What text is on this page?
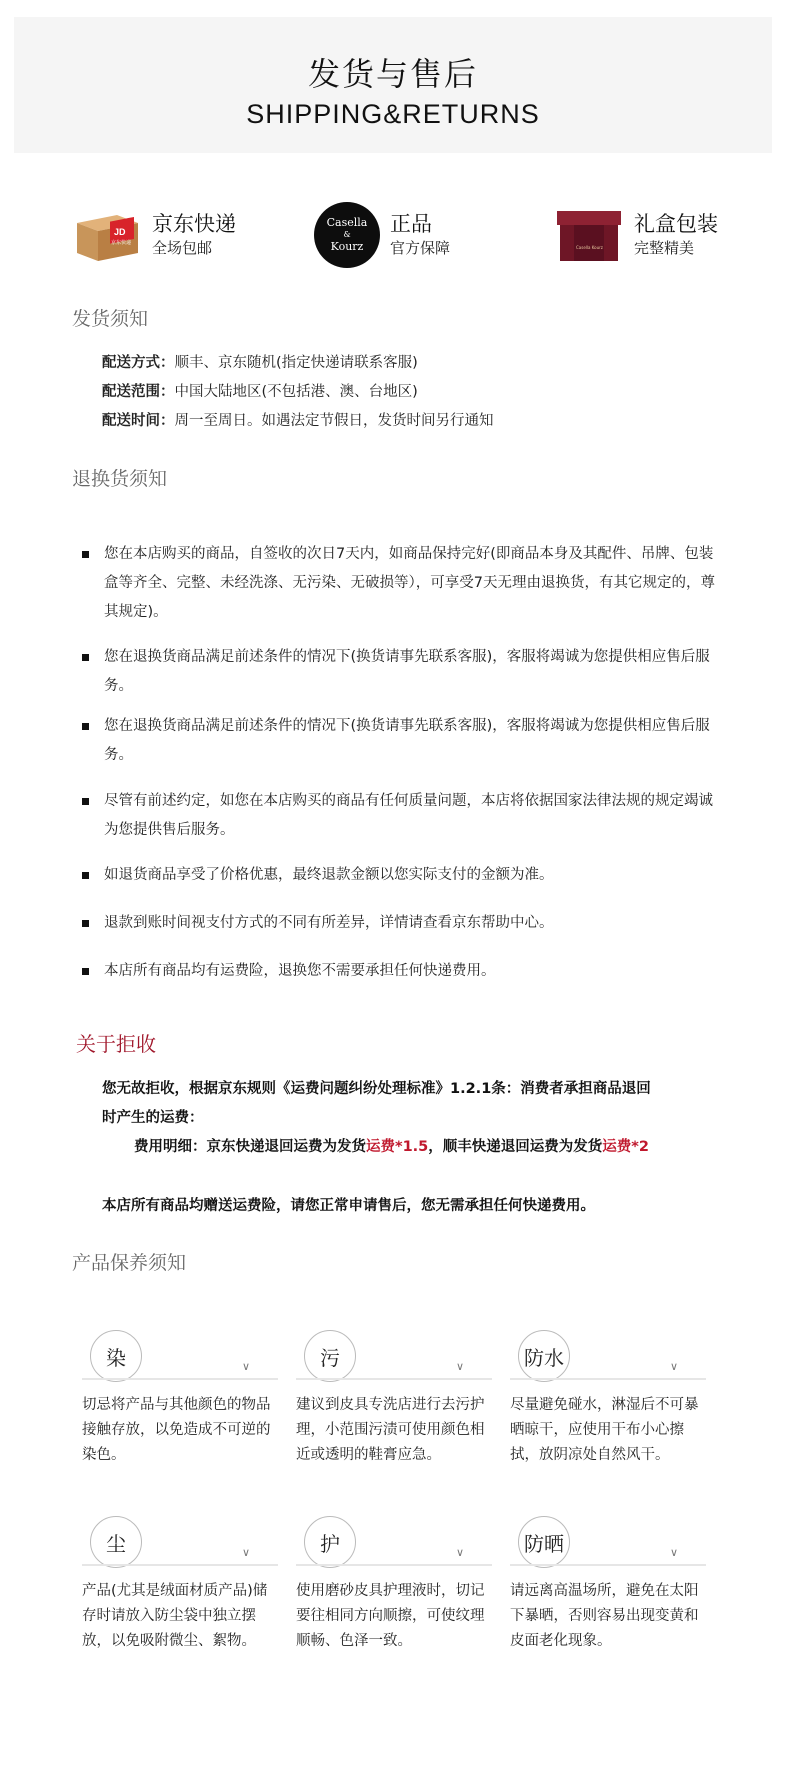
发货与售后
SHIPPING&RETURNS
JD
京东快递
京东快递
全场包邮
Casella
&
Kourz
正品
官方保障	Casella Kourz
礼盒包装
完整精美
发货须知
配送方式：顺丰、京东随机(指定快递请联系客服)
配送范围：中国大陆地区(不包括港、澳、台地区)
配送时间：周一至周日。如遇法定节假日，发货时间另行通知
退换货须知
您在本店购买的商品，自签收的次日7天内，如商品保持完好(即商品本身及其配件、吊牌、包装盒等齐全、完整、未经洗涤、无污染、无破损等），可享受7天无理由退换货，有其它规定的，尊其规定)。
您在退换货商品满足前述条件的情况下(换货请事先联系客服)，客服将竭诚为您提供相应售后服务。
您在退换货商品满足前述条件的情况下(换货请事先联系客服)，客服将竭诚为您提供相应售后服务。
尽管有前述约定，如您在本店购买的商品有任何质量问题，本店将依据国家法律法规的规定竭诚为您提供售后服务。
如退货商品享受了价格优惠，最终退款金额以您实际支付的金额为准。
退款到账时间视支付方式的不同有所差异，详情请查看京东帮助中心。
本店所有商品均有运费险，退换您不需要承担任何快递费用。
关于拒收
您无故拒收，根据京东规则《运费问题纠纷处理标准》1.2.1条：消费者承担商品退回
时产生的运费：
费用明细：京东快递退回运费为发货运费*1.5，顺丰快递退回运费为发货运费*2
本店所有商品均赠送运费险，请您正常申请售后，您无需承担任何快递费用。
产品保养须知
染	∨
切忌将产品与其他颜色的物品接触存放，以免造成不可逆的染色。
污	∨
建议到皮具专洗店进行去污护理，小范围污渍可使用颜色相近或透明的鞋膏应急。
防水	∨
尽量避免碰水，淋湿后不可暴晒晾干，应使用干布小心擦拭，放阴凉处自然风干。
尘	∨
产品(尤其是绒面材质产品)储存时请放入防尘袋中独立摆放，以免吸附微尘、絮物。
护	∨
使用磨砂皮具护理液时，切记要往相同方向顺擦，可使纹理顺畅、色泽一致。
防晒	∨
请远离高温场所，避免在太阳下暴晒，否则容易出现变黄和皮面老化现象。
